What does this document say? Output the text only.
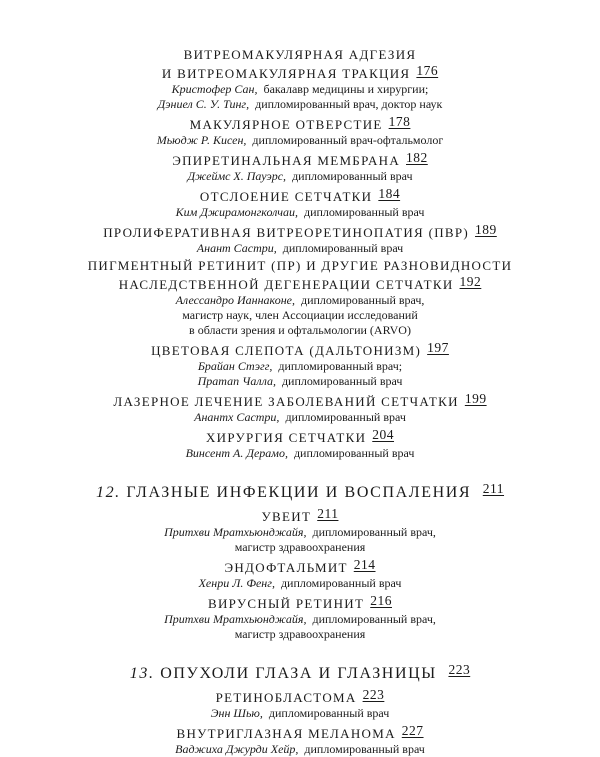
ВИТРЕОМАКУЛЯРНАЯ АДГЕЗИЯ
И ВИТРЕОМАКУЛЯРНАЯ ТРАКЦИЯ 176
Кристофер Сан, бакалавр медицины и хирургии;
Дэниел С. У. Тинг, дипломированный врач, доктор наук
МАКУЛЯРНОЕ ОТВЕРСТИЕ 178
Мьюдж Р. Кисен, дипломированный врач-офтальмолог
ЭПИРЕТИНАЛЬНАЯ МЕМБРАНА 182
Джеймс Х. Пауэрс, дипломированный врач
ОТСЛОЕНИЕ СЕТЧАТКИ 184
Ким Джирамонгколчаи, дипломированный врач
ПРОЛИФЕРАТИВНАЯ ВИТРЕОРЕТИНОПАТИЯ (ПВР) 189
Анант Састри, дипломированный врач
ПИГМЕНТНЫЙ РЕТИНИТ (ПР) И ДРУГИЕ РАЗНОВИДНОСТИ
НАСЛЕДСТВЕННОЙ ДЕГЕНЕРАЦИИ СЕТЧАТКИ 192
Алессандро Ианнаконе, дипломированный врач,
магистр наук, член Ассоциации исследований
в области зрения и офтальмологии (ARVO)
ЦВЕТОВАЯ СЛЕПОТА (ДАЛЬТОНИЗМ) 197
Брайан Стэгг, дипломированный врач;
Пратап Чалла, дипломированный врач
ЛАЗЕРНОЕ ЛЕЧЕНИЕ ЗАБОЛЕВАНИЙ СЕТЧАТКИ 199
Анантх Састри, дипломированный врач
ХИРУРГИЯ СЕТЧАТКИ 204
Винсент А. Дерамо, дипломированный врач
12. ГЛАЗНЫЕ ИНФЕКЦИИ И ВОСПАЛЕНИЯ 211
УВЕИТ 211
Притхви Мратхьюнджайя, дипломированный врач,
магистр здравоохранения
ЭНДОФТАЛЬМИТ 214
Хенри Л. Фенг, дипломированный врач
ВИРУСНЫЙ РЕТИНИТ 216
Притхви Мратхьюнджайя, дипломированный врач,
магистр здравоохранения
13. ОПУХОЛИ ГЛАЗА И ГЛАЗНИЦЫ 223
РЕТИНОБЛАСТОМА 223
Энн Шью, дипломированный врач
ВНУТРИГЛАЗНАЯ МЕЛАНОМА 227
Ваджиха Джурди Хейр, дипломированный врач
